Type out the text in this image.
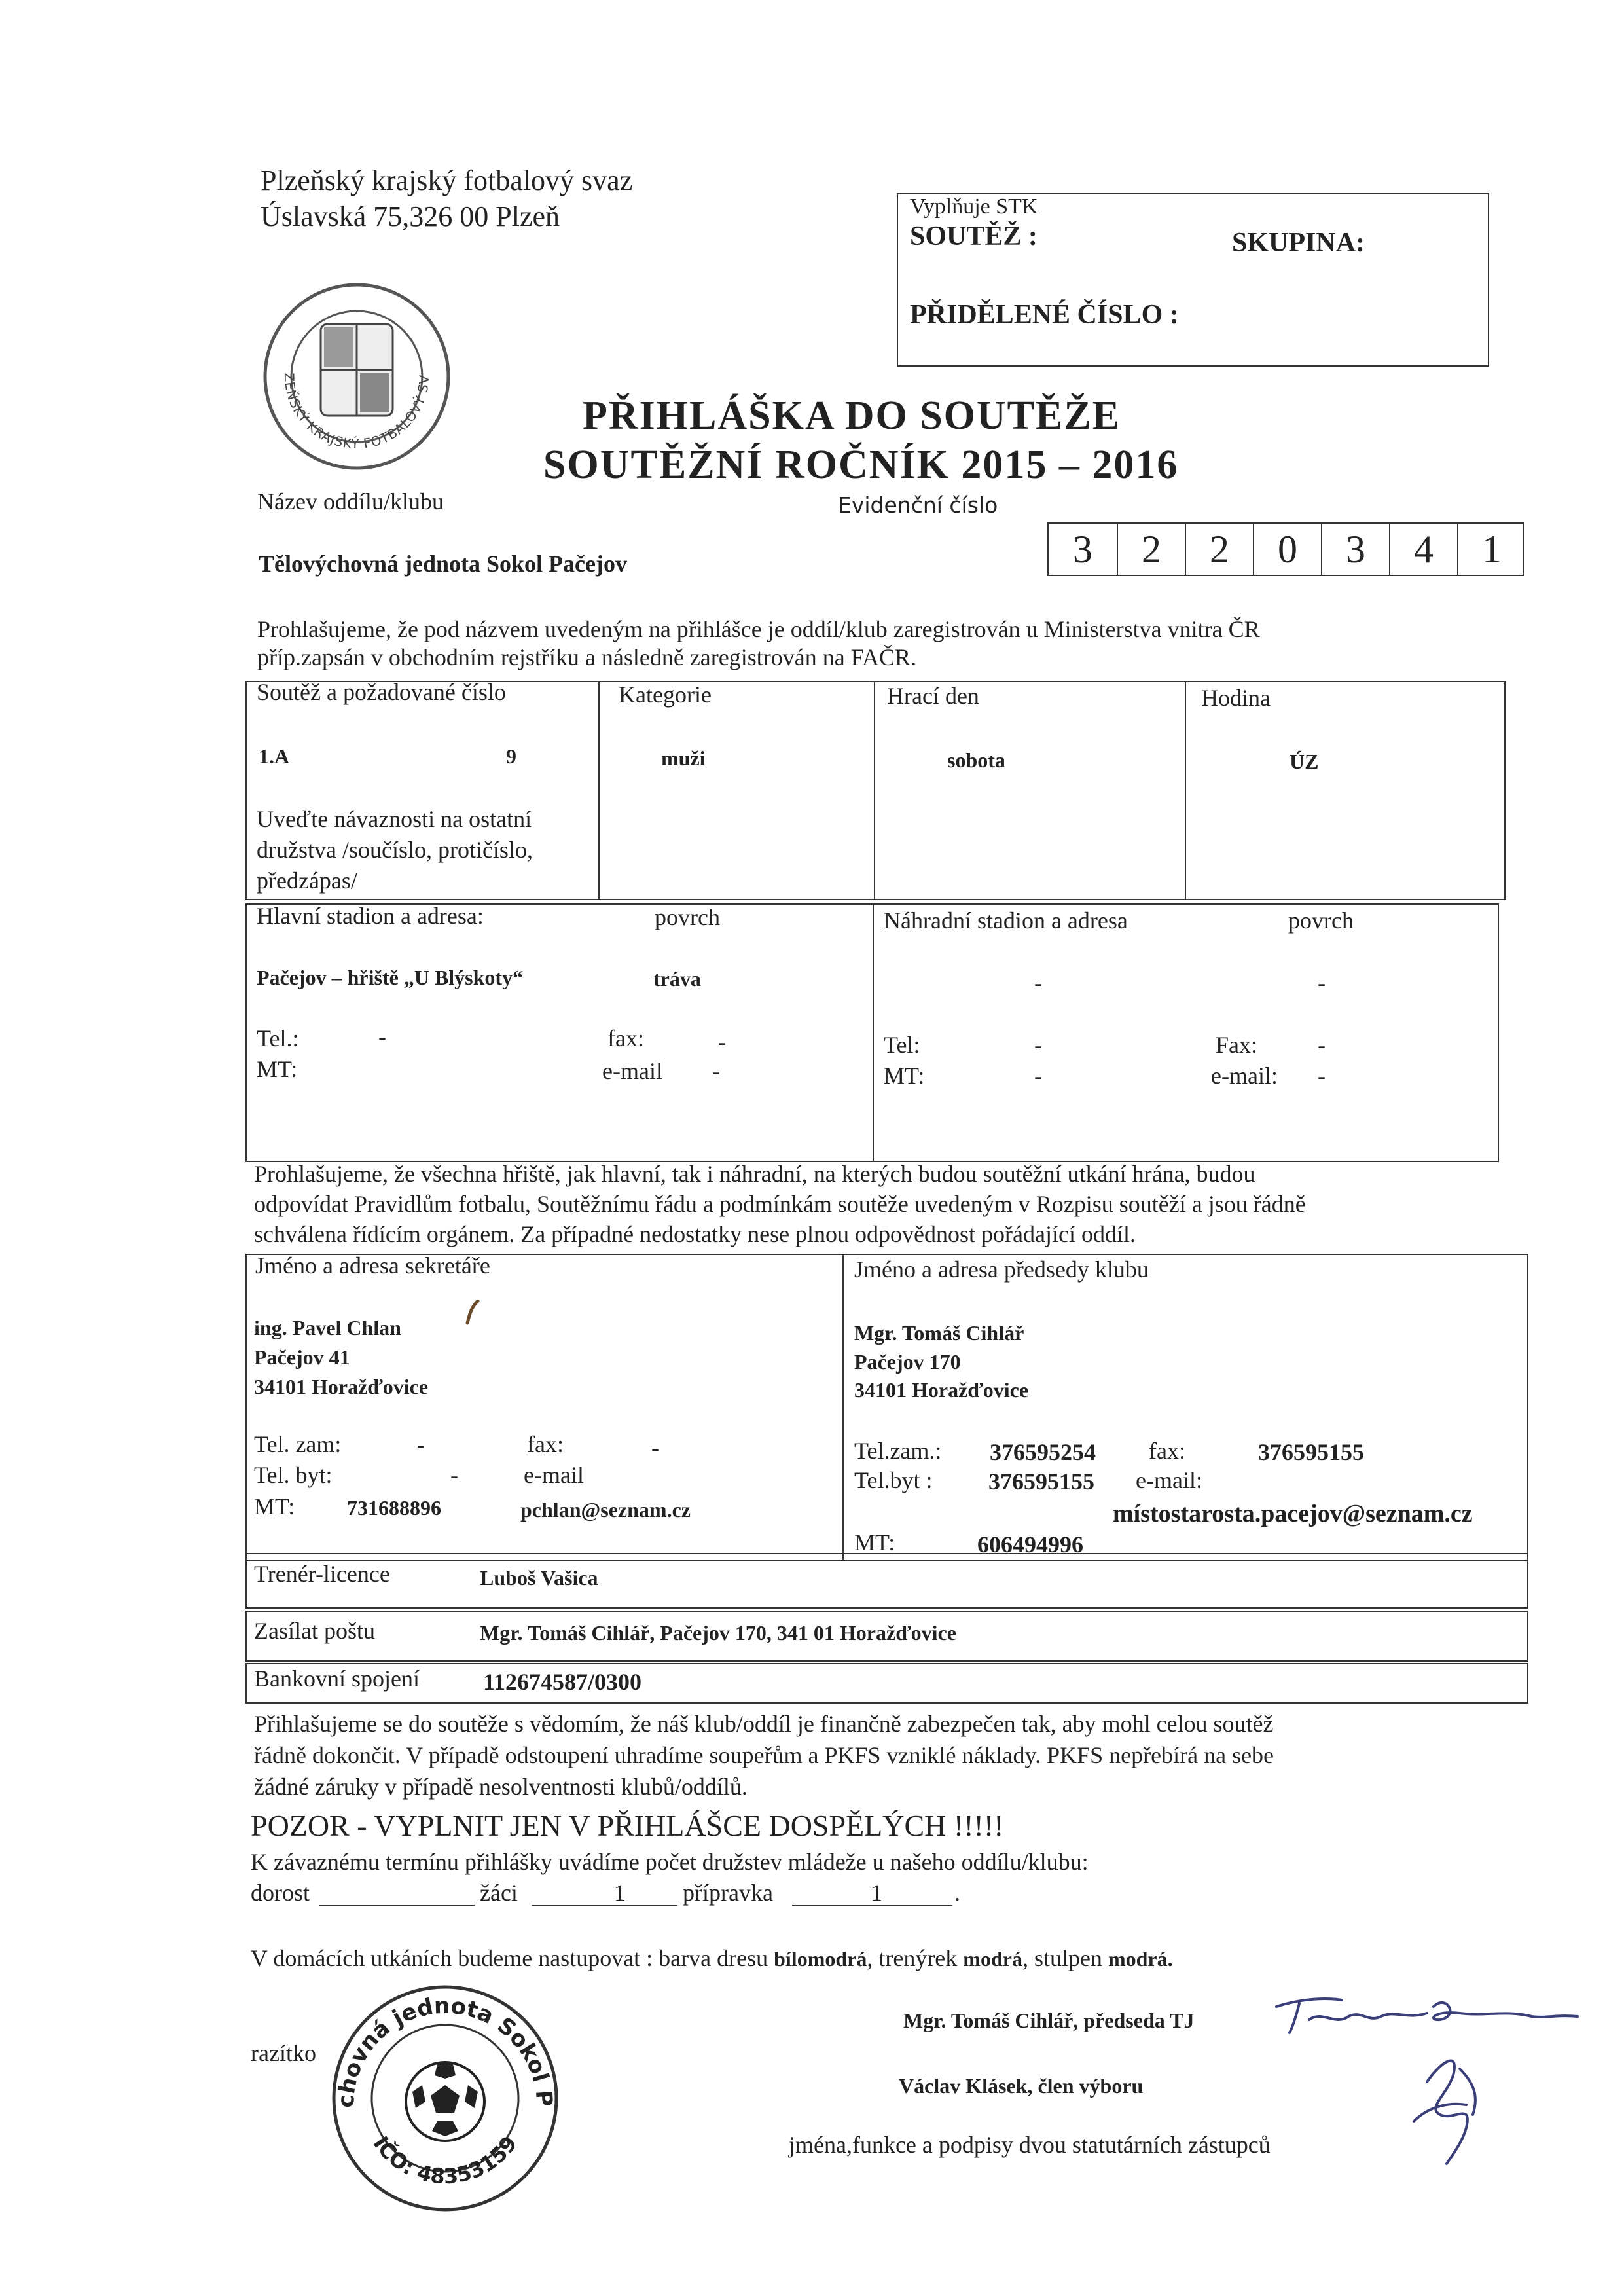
Plzeňský krajský fotbalový svaz
Úslavská 75,326 00 Plzeň
ZEŇSKÝ KRAJSKÝ FOTBALOVÝ SV
Vyplňuje STK
SOUTĚŽ :	SKUPINA:
PŘIDĚLENÉ ČÍSLO :
PŘIHLÁŠKA DO SOUTĚŽE
SOUTĚŽNÍ ROČNÍK 2015 – 2016
Název oddílu/klubu	Evidenční číslo
Tělovýchovná jednota Sokol Pačejov	3	2	2	0	3	4	1
Prohlašujeme, že pod názvem uvedeným na přihlášce je oddíl/klub zaregistrován u Ministerstva vnitra ČR
příp.zapsán v obchodním rejstříku a následně zaregistrován na FAČR.
Soutěž a požadované číslo	Kategorie	Hrací den	Hodina
1.A	9	muži	sobota	ÚZ
Uveďte návaznosti na ostatní
družstva /součíslo, protičíslo,
předzápas/
Hlavní stadion a adresa:	povrch
Pačejov – hřiště „U Blýskoty“	tráva
Tel.:	-	fax:	-
MT:	e-mail -
Náhradní stadion a adresa	povrch
-	-
Tel:	-	Fax:	-
MT:	-	e-mail: -
Prohlašujeme, že všechna hřiště, jak hlavní, tak i náhradní, na kterých budou soutěžní utkání hrána, budou
odpovídat Pravidlům fotbalu, Soutěžnímu řádu a podmínkám soutěže uvedeným v Rozpisu soutěží a jsou řádně
schválena řídícím orgánem. Za případné nedostatky nese plnou odpovědnost pořádající oddíl.
Jméno a adresa sekretáře
ing. Pavel Chlan
Pačejov 41
34101 Horažďovice
Tel. zam:	-	fax:	-
Tel. byt:	-	e-mail
MT: 731688896	pchlan@seznam.cz
Jméno a adresa předsedy klubu
Mgr. Tomáš Cihlář
Pačejov 170
34101 Horažďovice
Tel.zam.: 376595254 fax:	376595155
Tel.byt : 376595155 e-mail:
místostarosta.pacejov@seznam.cz
MT:	606494996
Trenér-licence	Luboš Vašica
Zasílat poštu	Mgr. Tomáš Cihlář, Pačejov 170, 341 01 Horažďovice
Bankovní spojení	112674587/0300
Přihlašujeme se do soutěže s vědomím, že náš klub/oddíl je finančně zabezpečen tak, aby mohl celou soutěž
řádně dokončit. V případě odstoupení uhradíme soupeřům a PKFS vzniklé náklady. PKFS nepřebírá na sebe
žádné záruky v případě nesolventnosti klubů/oddílů.
POZOR - VYPLNIT JEN V PŘIHLÁŠCE DOSPĚLÝCH !!!!!
K závaznému termínu přihlášky uvádíme počet družstev mládeže u našeho oddílu/klubu:
dorost	žáci	1 přípravka	1	.
V domácích utkáních budeme nastupovat : barva dresu bílomodrá, trenýrek modrá, stulpen modrá.
razítko
Mgr. Tomáš Cihlář, předseda TJ
Václav Klásek, člen výboru
jména,funkce a podpisy dvou statutárních zástupců
chovná jednota Sokol P
IČO: 48353159
